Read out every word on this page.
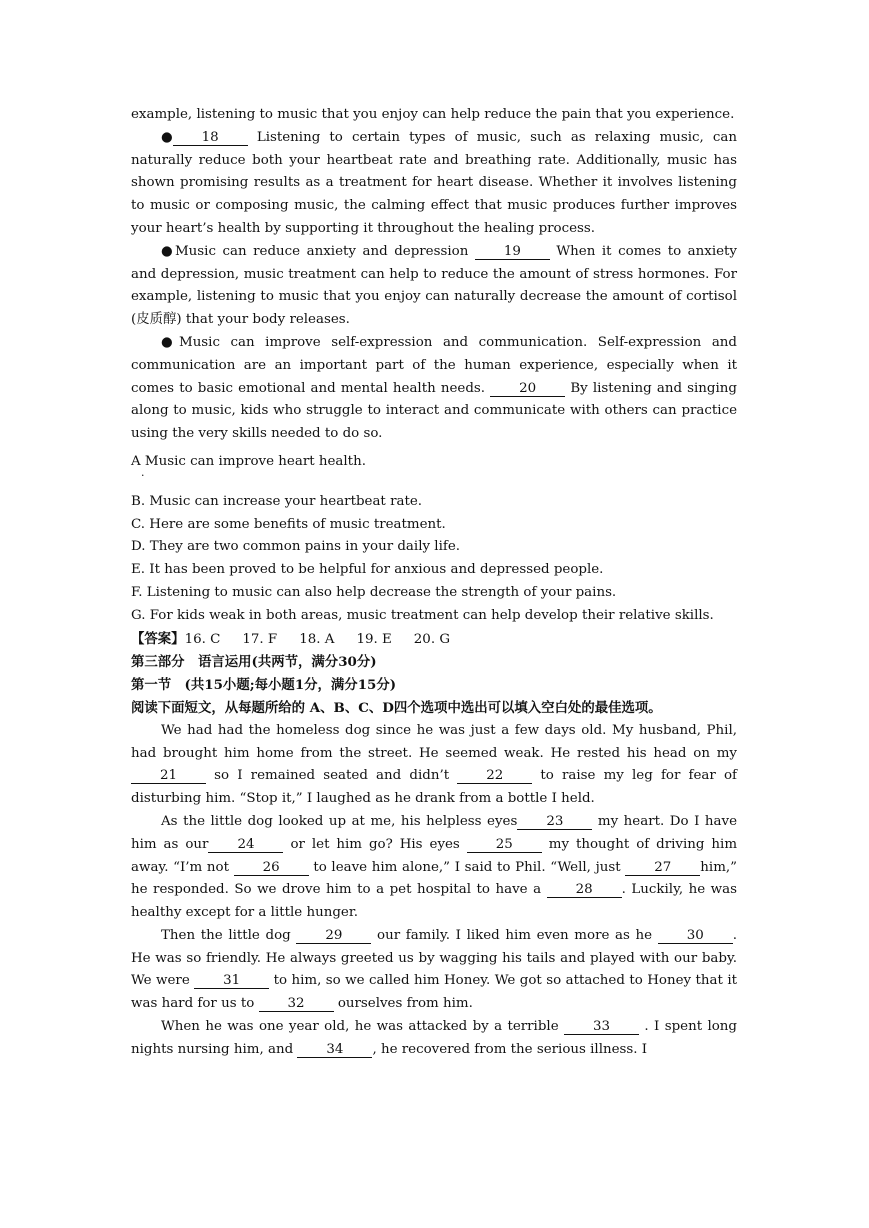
example, listening to music that you enjoy can help reduce the pain that you experience.

● 18	Listening to certain types of music, such as relaxing music, can naturally reduce both your heartbeat rate and breathing rate. Additionally, music has shown promising results as a treatment for heart disease. Whether it involves listening to music or composing music, the calming effect that music produces further improves your heart’s health by supporting it throughout the healing process.

●Music can reduce anxiety and depression	19	When it comes to anxiety and depression, music treatment can help to reduce the amount of stress hormones. For example, listening to music that you enjoy can naturally decrease the amount of cortisol (皮质醇) that your body releases.

●Music can improve self-expression and communication. Self-expression and communication are an important part of the human experience, especially when it comes to basic emotional and mental health needs.	20	By listening and singing along to music, kids who struggle to interact and communicate with others can practice using the very skills needed to do so.

A Music can improve heart health.
·
B. Music can increase your heartbeat rate.
C. Here are some benefits of music treatment.
D. They are two common pains in your daily life.
E. It has been proved to be helpful for anxious and depressed people.
F. Listening to music can also help decrease the strength of your pains.
G. For kids weak in both areas, music treatment can help develop their relative skills.
【答案】16. C 17. F 18. A 19. E 20. G
第三部分　语言运用(共两节，满分30分)
第一节　(共15小题;每小题1分，满分15分)
阅读下面短文，从每题所给的 A、B、C、D四个选项中选出可以填入空白处的最佳选项。

We had had the homeless dog since he was just a few days old. My husband, Phil, had brought him home from the street. He seemed weak. He rested his head on my 21	so I remained seated and didn’t	22	to raise my leg for fear of disturbing him. “Stop it,” I laughed as he drank from a bottle I held.

As the little dog looked up at me, his helpless eyes 23	my heart. Do I have him as our 24	or let him go? His eyes	25	my thought of driving him away. “I’m not	26	to leave him alone,” I said to Phil. “Well, just	27 him,” he responded. So we drove him to a pet hospital to have a	28 . Luckily, he was healthy except for a little hunger.

Then the little dog	29	our family. I liked him even more as he	30 . He was so friendly. He always greeted us by wagging his tails and played with our baby. We were 31 to him, so we called him Honey. We got so attached to Honey that it was hard for us to 32 ourselves from him.

When he was one year old, he was attacked by a terrible	33	. I spent long nights nursing him, and 34 , he recovered from the serious illness. I
